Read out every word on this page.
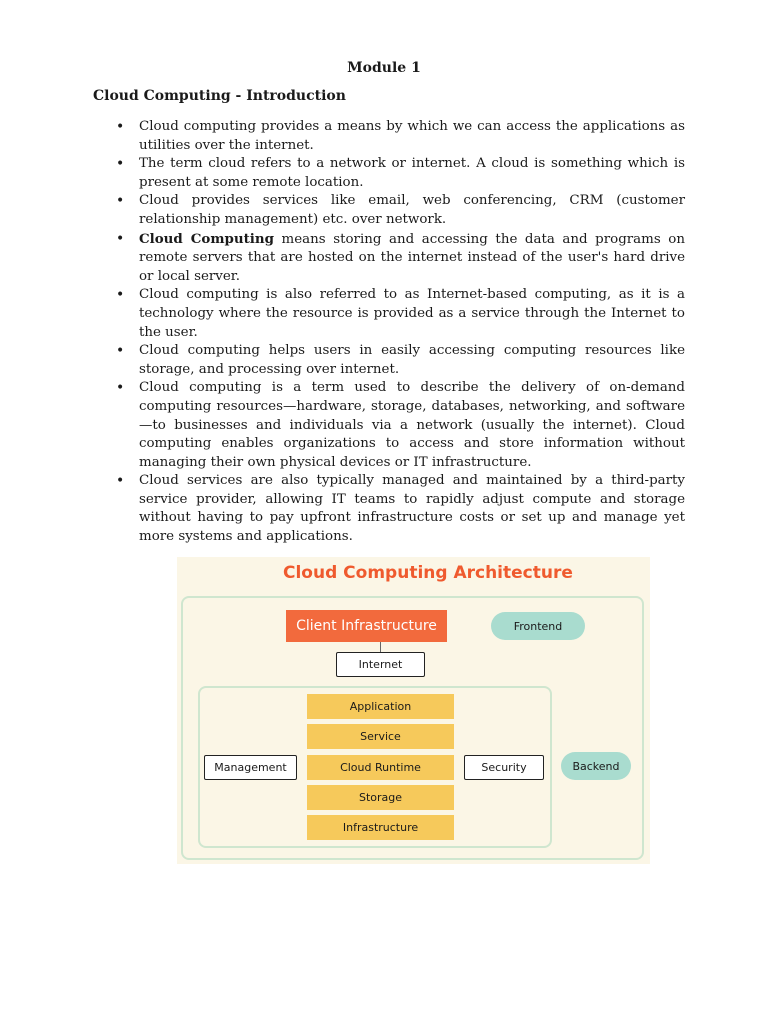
Module 1
Cloud Computing - Introduction
• Cloud computing provides a means by which we can access the applications as utilities over the internet.
• The term cloud refers to a network or internet. A cloud is something which is present at some remote location.
• Cloud provides services like email, web conferencing, CRM (customer relationship management) etc. over network.
• Cloud Computing means storing and accessing the data and programs on remote servers that are hosted on the internet instead of the user's hard drive or local server.
• Cloud computing is also referred to as Internet-based computing, as it is a technology where the resource is provided as a service through the Internet to the user.
• Cloud computing helps users in easily accessing computing resources like storage, and processing over internet.
• Cloud computing is a term used to describe the delivery of on-demand computing resources—hardware, storage, databases, networking, and software—to businesses and individuals via a network (usually the internet). Cloud computing enables organizations to access and store information without managing their own physical devices or IT infrastructure.
• Cloud services are also typically managed and maintained by a third-party service provider, allowing IT teams to rapidly adjust compute and storage without having to pay upfront infrastructure costs or set up and manage yet more systems and applications.
Cloud Computing Architecture
Client Infrastructure	Frontend
Internet
Management
Application
Service
Cloud Runtime
Storage
Infrastructure
Security	Backend
